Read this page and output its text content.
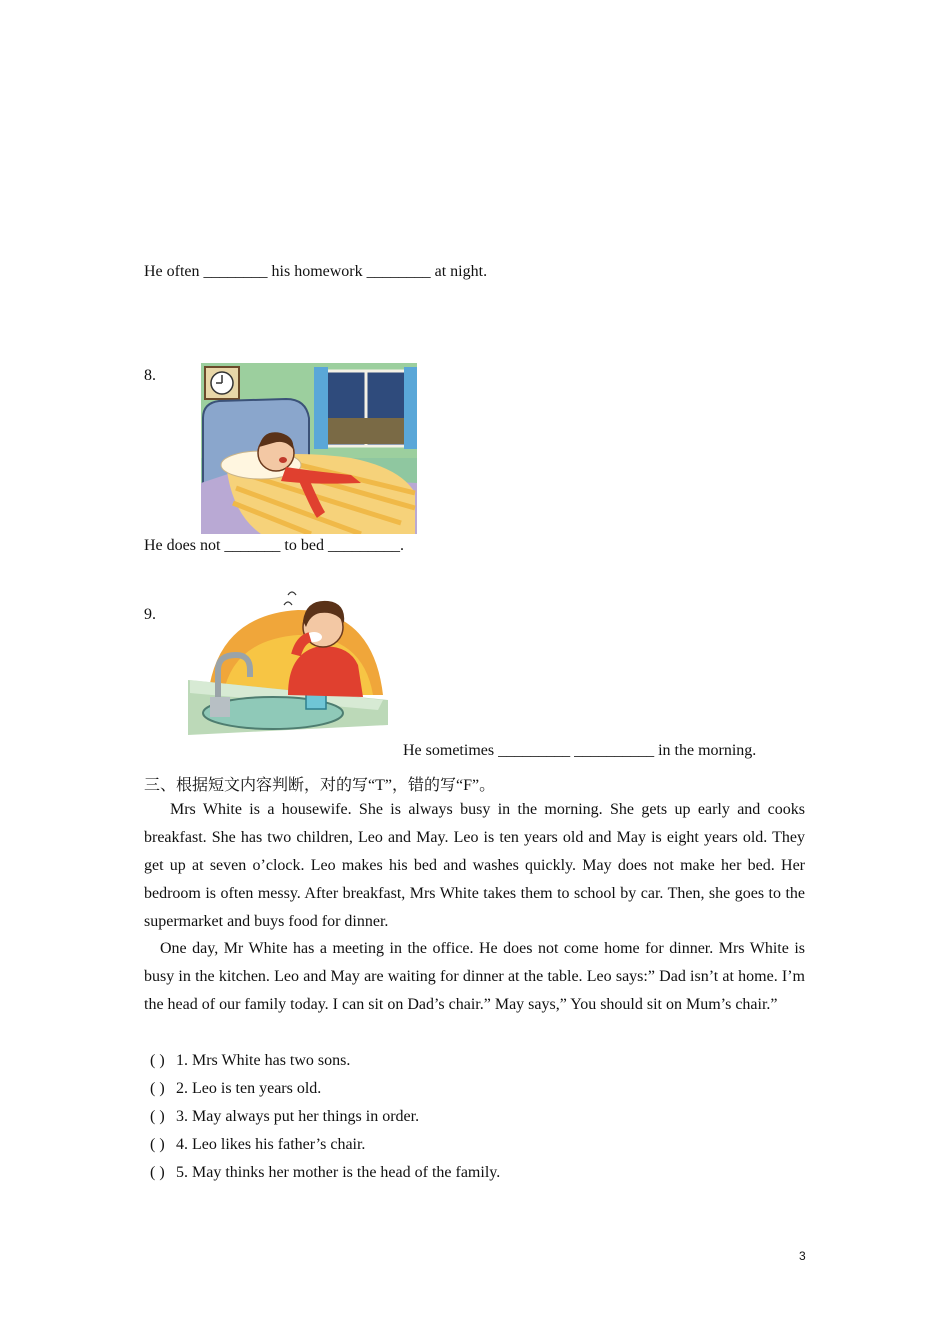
He often ________ his homework ________ at night.
8.
He does not _______ to bed _________.
9.
He sometimes _________ __________ in the morning.
三、根据短文内容判断，对的写“T”，错的写“F”。
Mrs White is a housewife. She is always busy in the morning. She gets up early and cooks breakfast. She has two children, Leo and May. Leo is ten years old and May is eight years old. They get up at seven o’clock. Leo makes his bed and washes quickly. May does not make her bed. Her bedroom is often messy. After breakfast, Mrs White takes them to school by car. Then, she goes to the supermarket and buys food for dinner.
One day, Mr White has a meeting in the office. He does not come home for dinner. Mrs White is busy in the kitchen. Leo and May are waiting for dinner at the table. Leo says:” Dad isn’t at home. I’m the head of our family today. I can sit on Dad’s chair.” May says,” You should sit on Mum’s chair.”
( ) 1. Mrs White has two sons.
( ) 2. Leo is ten years old.
( ) 3. May always put her things in order.
( ) 4. Leo likes his father’s chair.
( ) 5. May thinks her mother is the head of the family.
3
